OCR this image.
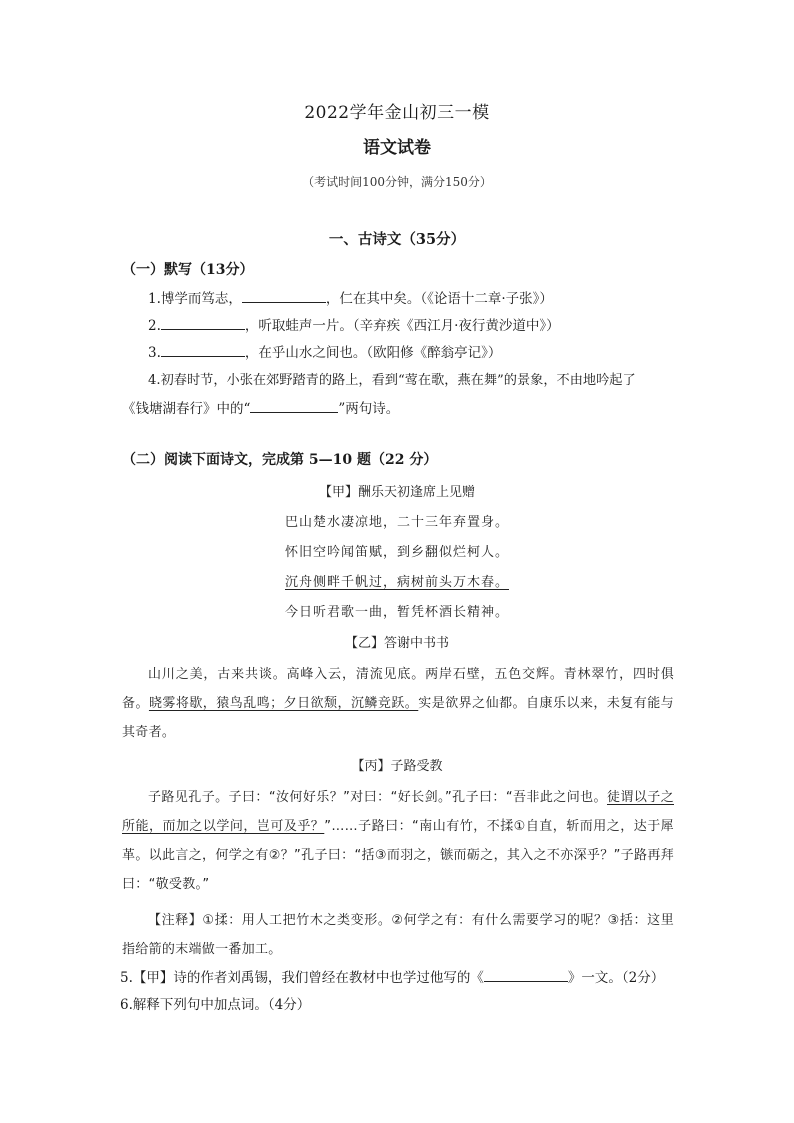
2022学年金山初三一模
语文试卷
（考试时间100分钟，满分150分）
一、古诗文（35分）
（一）默写（13分）
1.博学而笃志，	，仁在其中矣。（《论语十二章·子张》）
2.	，听取蛙声一片。（辛弃疾《西江月·夜行黄沙道中》）
3.	，在乎山水之间也。（欧阳修《醉翁亭记》）
4.初春时节，小张在郊野踏青的路上，看到“莺在歌，燕在舞”的景象，不由地吟起了
《钱塘湖春行》中的“	”两句诗。
（二）阅读下面诗文，完成第 5—10 题（22 分）
【甲】酬乐天初逢席上见赠
巴山楚水凄凉地，二十三年弃置身。
怀旧空吟闻笛赋，到乡翻似烂柯人。
沉舟侧畔千帆过，病树前头万木春。
今日听君歌一曲，暂凭杯酒长精神。
【乙】答谢中书书
山川之美，古来共谈。高峰入云，清流见底。两岸石壁，五色交辉。青林翠竹，四时俱备。晓雾将歇，猿鸟乱鸣；夕日欲颓，沉鳞竞跃。实是欲界之仙都。自康乐以来，未复有能与其奇者。
【丙】子路受教
子路见孔子。子曰：“汝何好乐？”对曰：“好长剑。”孔子曰：“吾非此之问也。徒谓以子之所能，而加之以学问，岂可及乎？”……子路曰：“南山有竹，不揉①自直，斩而用之，达于犀革。以此言之，何学之有②？”孔子曰：“括③而羽之，镞而砺之，其入之不亦深乎？”子路再拜曰：“敬受教。”
【注释】①揉：用人工把竹木之类变形。②何学之有：有什么需要学习的呢？③括：这里指给箭的末端做一番加工。
5.【甲】诗的作者刘禹锡，我们曾经在教材中也学过他写的《	》一文。（2分）
6.解释下列句中加点词。（4分）
